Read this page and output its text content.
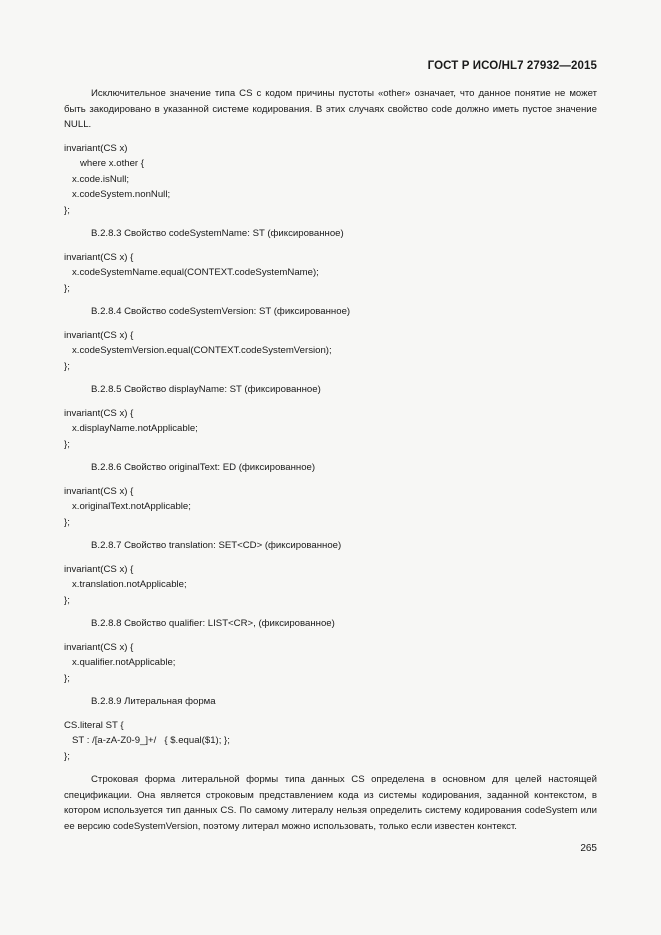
ГОСТ Р ИСО/HL7 27932—2015

Исключительное значение типа CS с кодом причины пустоты «other» означает, что данное понятие не может быть закодировано в указанной системе кодирования. В этих случаях свойство code должно иметь пустое значение NULL.

invariant(CS x)
where x.other {
x.code.isNull;
x.codeSystem.nonNull;
};

B.2.8.3 Свойство codeSystemName: ST (фиксированное)

invariant(CS x) {
x.codeSystemName.equal(CONTEXT.codeSystemName);
};

B.2.8.4 Свойство codeSystemVersion: ST (фиксированное)

invariant(CS x) {
x.codeSystemVersion.equal(CONTEXT.codeSystemVersion);
};

B.2.8.5 Свойство displayName: ST (фиксированное)

invariant(CS x) {
x.displayName.notApplicable;
};

B.2.8.6 Свойство originalText: ED (фиксированное)

invariant(CS x) {
x.originalText.notApplicable;
};

B.2.8.7 Свойство translation: SET<CD> (фиксированное)

invariant(CS x) {
x.translation.notApplicable;
};

B.2.8.8 Свойство qualifier: LIST<CR>, (фиксированное)

invariant(CS x) {
x.qualifier.notApplicable;
};

B.2.8.9 Литеральная форма

CS.literal ST {
ST : /[a-zA-Z0-9_]+/   { $.equal($1); };
};

Строковая форма литеральной формы типа данных CS определена в основном для целей настоящей спецификации. Она является строковым представлением кода из системы кодирования, заданной контекстом, в котором используется тип данных CS. По самому литералу нельзя определить систему кодирования codeSystem или ее версию codeSystemVersion, поэтому литерал можно использовать, только если известен контекст.

265
